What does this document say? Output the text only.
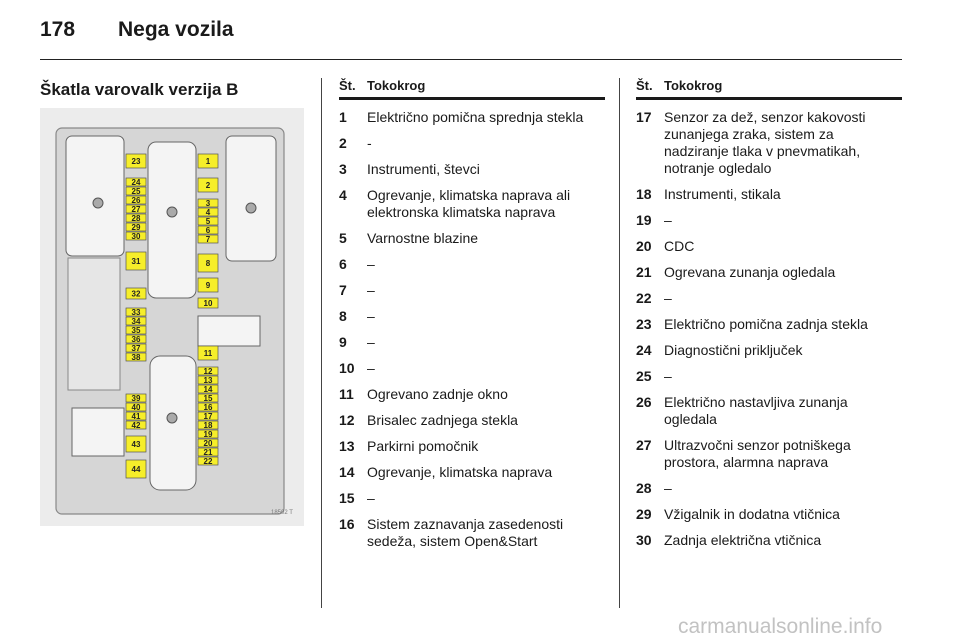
178 Nega vozila
Škatla varovalk verzija B
23
24
25
26
27
28
29
30
31
32
33
34
35
36
37
38
39
40
41
42
43
44
1
2
3
4
5
6
7
8
9
10
11
12
13
14
15
16
17
18
19
20
21
22
18502 T
Št. Tokokrog
1	Električno pomična sprednja stekla
2	-
3	Instrumenti, števci
4	Ogrevanje, klimatska naprava ali elektronska klimatska naprava
5	Varnostne blazine
6	–
7	–
8	–
9	–
10 –
11 Ogrevano zadnje okno
12 Brisalec zadnjega stekla
13 Parkirni pomočnik
14 Ogrevanje, klimatska naprava
15 –
16 Sistem zaznavanja zasedenosti sedeža, sistem Open&Start
Št. Tokokrog
17 Senzor za dež, senzor kakovosti zunanjega zraka, sistem za nadziranje tlaka v pnevmatikah, notranje ogledalo
18 Instrumenti, stikala
19 –
20 CDC
21 Ogrevana zunanja ogledala
22 –
23 Električno pomična zadnja stekla
24 Diagnostični priključek
25 –
26 Električno nastavljiva zunanja ogledala
27 Ultrazvočni senzor potniškega prostora, alarmna naprava
28 –
29 Vžigalnik in dodatna vtičnica
30 Zadnja električna vtičnica
carmanualsonline.info
